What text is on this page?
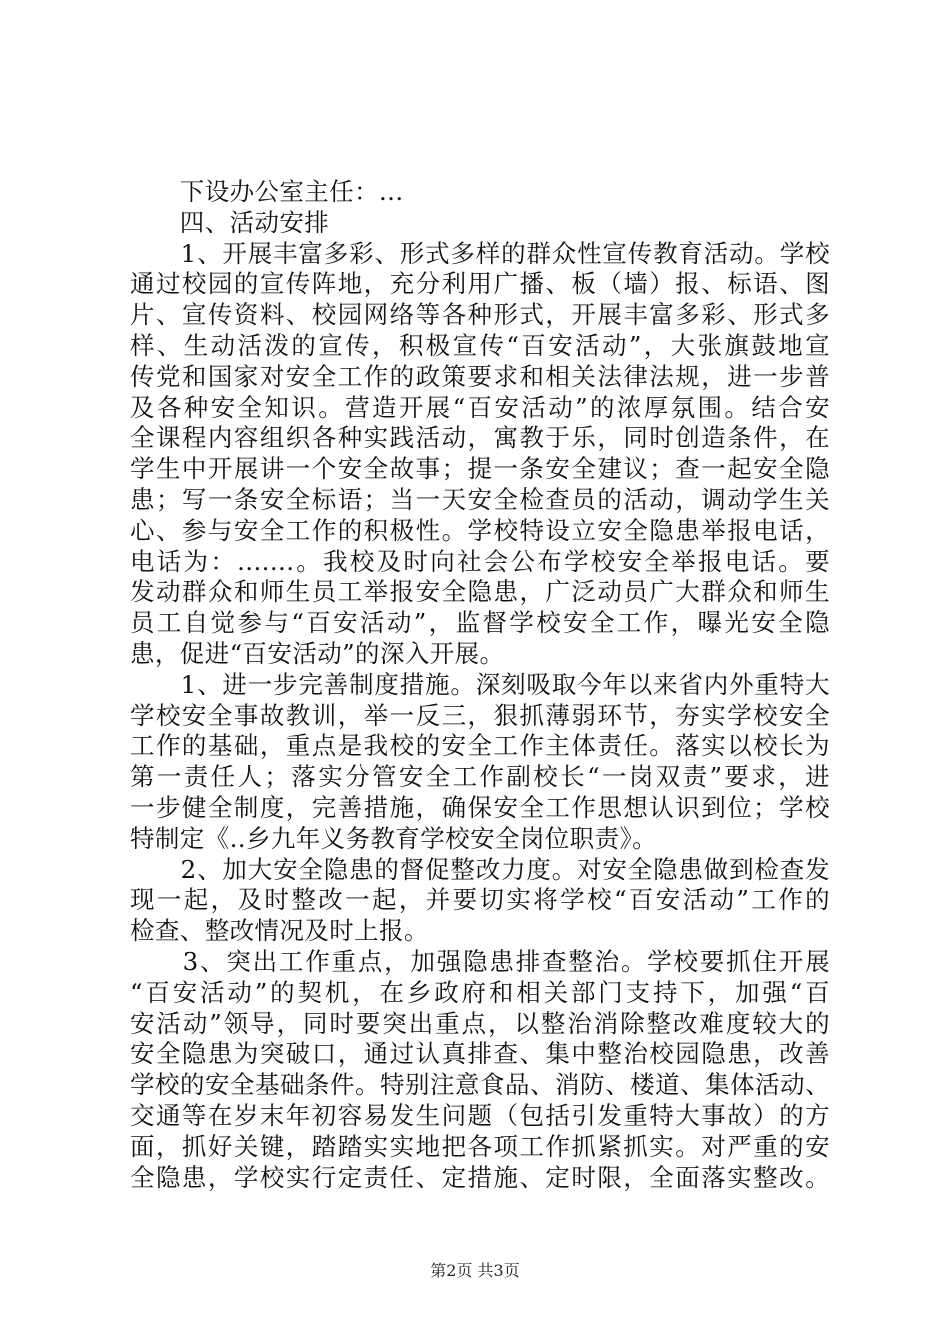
　　下设办公室主任：...
　　四、活动安排
　　1、开展丰富多彩、形式多样的群众性宣传教育活动。学校
通过校园的宣传阵地，充分利用广播、板（墙）报、标语、图
片、宣传资料、校园网络等各种形式，开展丰富多彩、形式多
样、生动活泼的宣传，积极宣传“百安活动”，大张旗鼓地宣
传党和国家对安全工作的政策要求和相关法律法规，进一步普
及各种安全知识。营造开展“百安活动”的浓厚氛围。结合安
全课程内容组织各种实践活动，寓教于乐，同时创造条件，在
学生中开展讲一个安全故事；提一条安全建议；查一起安全隐
患；写一条安全标语；当一天安全检查员的活动，调动学生关
心、参与安全工作的积极性。学校特设立安全隐患举报电话，
电话为：.......。我校及时向社会公布学校安全举报电话。要
发动群众和师生员工举报安全隐患，广泛动员广大群众和师生
员工自觉参与“百安活动”，监督学校安全工作，曝光安全隐
患，促进“百安活动”的深入开展。
　　1、进一步完善制度措施。深刻吸取今年以来省内外重特大
学校安全事故教训，举一反三，狠抓薄弱环节，夯实学校安全
工作的基础，重点是我校的安全工作主体责任。落实以校长为
第一责任人；落实分管安全工作副校长“一岗双责”要求，进
一步健全制度，完善措施，确保安全工作思想认识到位；学校
特制定《..乡九年义务教育学校安全岗位职责》。
　　2、加大安全隐患的督促整改力度。对安全隐患做到检查发
现一起，及时整改一起，并要切实将学校“百安活动”工作的
检查、整改情况及时上报。
　　3、突出工作重点，加强隐患排查整治。学校要抓住开展
“百安活动”的契机，在乡政府和相关部门支持下，加强“百
安活动”领导，同时要突出重点，以整治消除整改难度较大的
安全隐患为突破口，通过认真排查、集中整治校园隐患，改善
学校的安全基础条件。特别注意食品、消防、楼道、集体活动、
交通等在岁末年初容易发生问题（包括引发重特大事故）的方
面，抓好关键，踏踏实实地把各项工作抓紧抓实。对严重的安
全隐患，学校实行定责任、定措施、定时限，全面落实整改。
第2页 共3页
